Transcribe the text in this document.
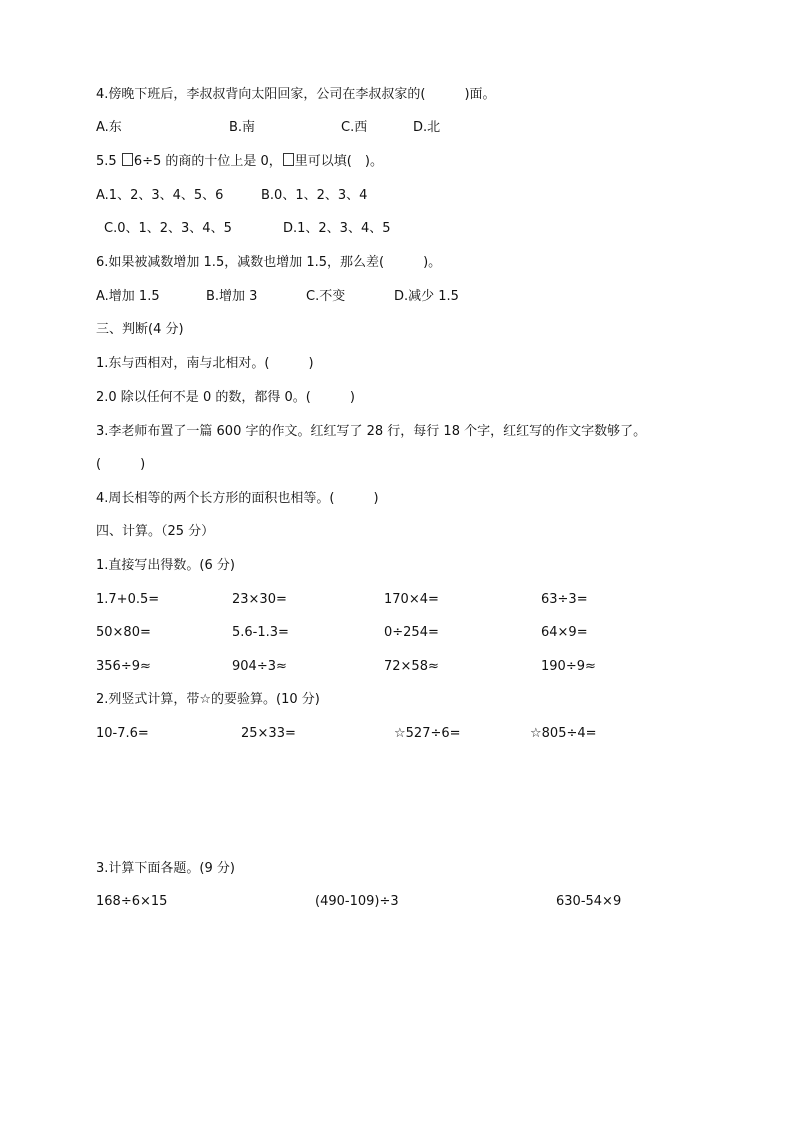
4.傍晚下班后，李叔叔背向太阳回家，公司在李叔叔家的(　　　)面。
A.东	B.南	C.西	D.北
5.5 6÷5 的商的十位上是 0， 里可以填(　)。
A.1、2、3、4、5、6	B.0、1、2、3、4
C.0、1、2、3、4、5	D.1、2、3、4、5
6.如果被减数增加 1.5，减数也增加 1.5，那么差(　　　)。
A.增加 1.5	B.增加 3	C.不变	D.减少 1.5
三、判断(4 分)
1.东与西相对，南与北相对。(　　　)
2.0 除以任何不是 0 的数，都得 0。(　　　)
3.李老师布置了一篇 600 字的作文。红红写了 28 行，每行 18 个字，红红写的作文字数够了。
(　　　)
4.周长相等的两个长方形的面积也相等。(　　　)
四、计算。（25 分）
1.直接写出得数。(6 分)
1.7+0.5=	23×30=	170×4=	63÷3=
50×80=	5.6-1.3=	0÷254=	64×9=
356÷9≈	904÷3≈	72×58≈	190÷9≈
2.列竖式计算，带☆的要验算。(10 分)
10-7.6=	25×33=	☆527÷6=	☆805÷4=
3.计算下面各题。(9 分)
168÷6×15	(490-109)÷3	630-54×9
